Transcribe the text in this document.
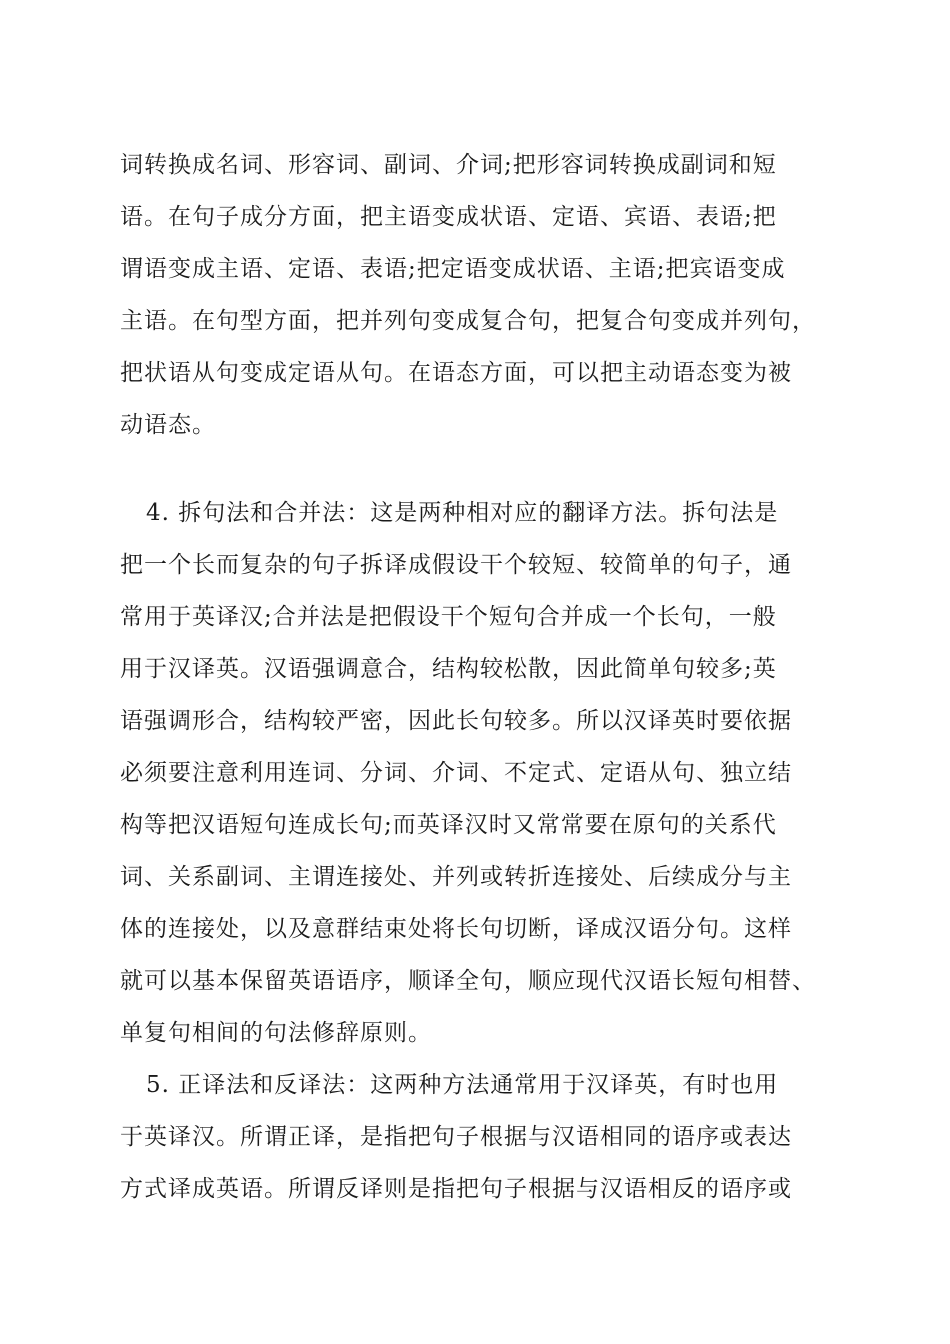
词转换成名词、形容词、副词、介词;把形容词转换成副词和短
语。在句子成分方面，把主语变成状语、定语、宾语、表语;把
谓语变成主语、定语、表语;把定语变成状语、主语;把宾语变成
主语。在句型方面，把并列句变成复合句，把复合句变成并列句，
把状语从句变成定语从句。在语态方面，可以把主动语态变为被
动语态。
4. 拆句法和合并法：这是两种相对应的翻译方法。拆句法是
把一个长而复杂的句子拆译成假设干个较短、较简单的句子，通
常用于英译汉;合并法是把假设干个短句合并成一个长句，一般
用于汉译英。汉语强调意合，结构较松散，因此简单句较多;英
语强调形合，结构较严密，因此长句较多。所以汉译英时要依据
必须要注意利用连词、分词、介词、不定式、定语从句、独立结
构等把汉语短句连成长句;而英译汉时又常常要在原句的关系代
词、关系副词、主谓连接处、并列或转折连接处、后续成分与主
体的连接处，以及意群结束处将长句切断，译成汉语分句。这样
就可以基本保留英语语序，顺译全句，顺应现代汉语长短句相替、
单复句相间的句法修辞原则。
5. 正译法和反译法：这两种方法通常用于汉译英，有时也用
于英译汉。所谓正译，是指把句子根据与汉语相同的语序或表达
方式译成英语。所谓反译则是指把句子根据与汉语相反的语序或
